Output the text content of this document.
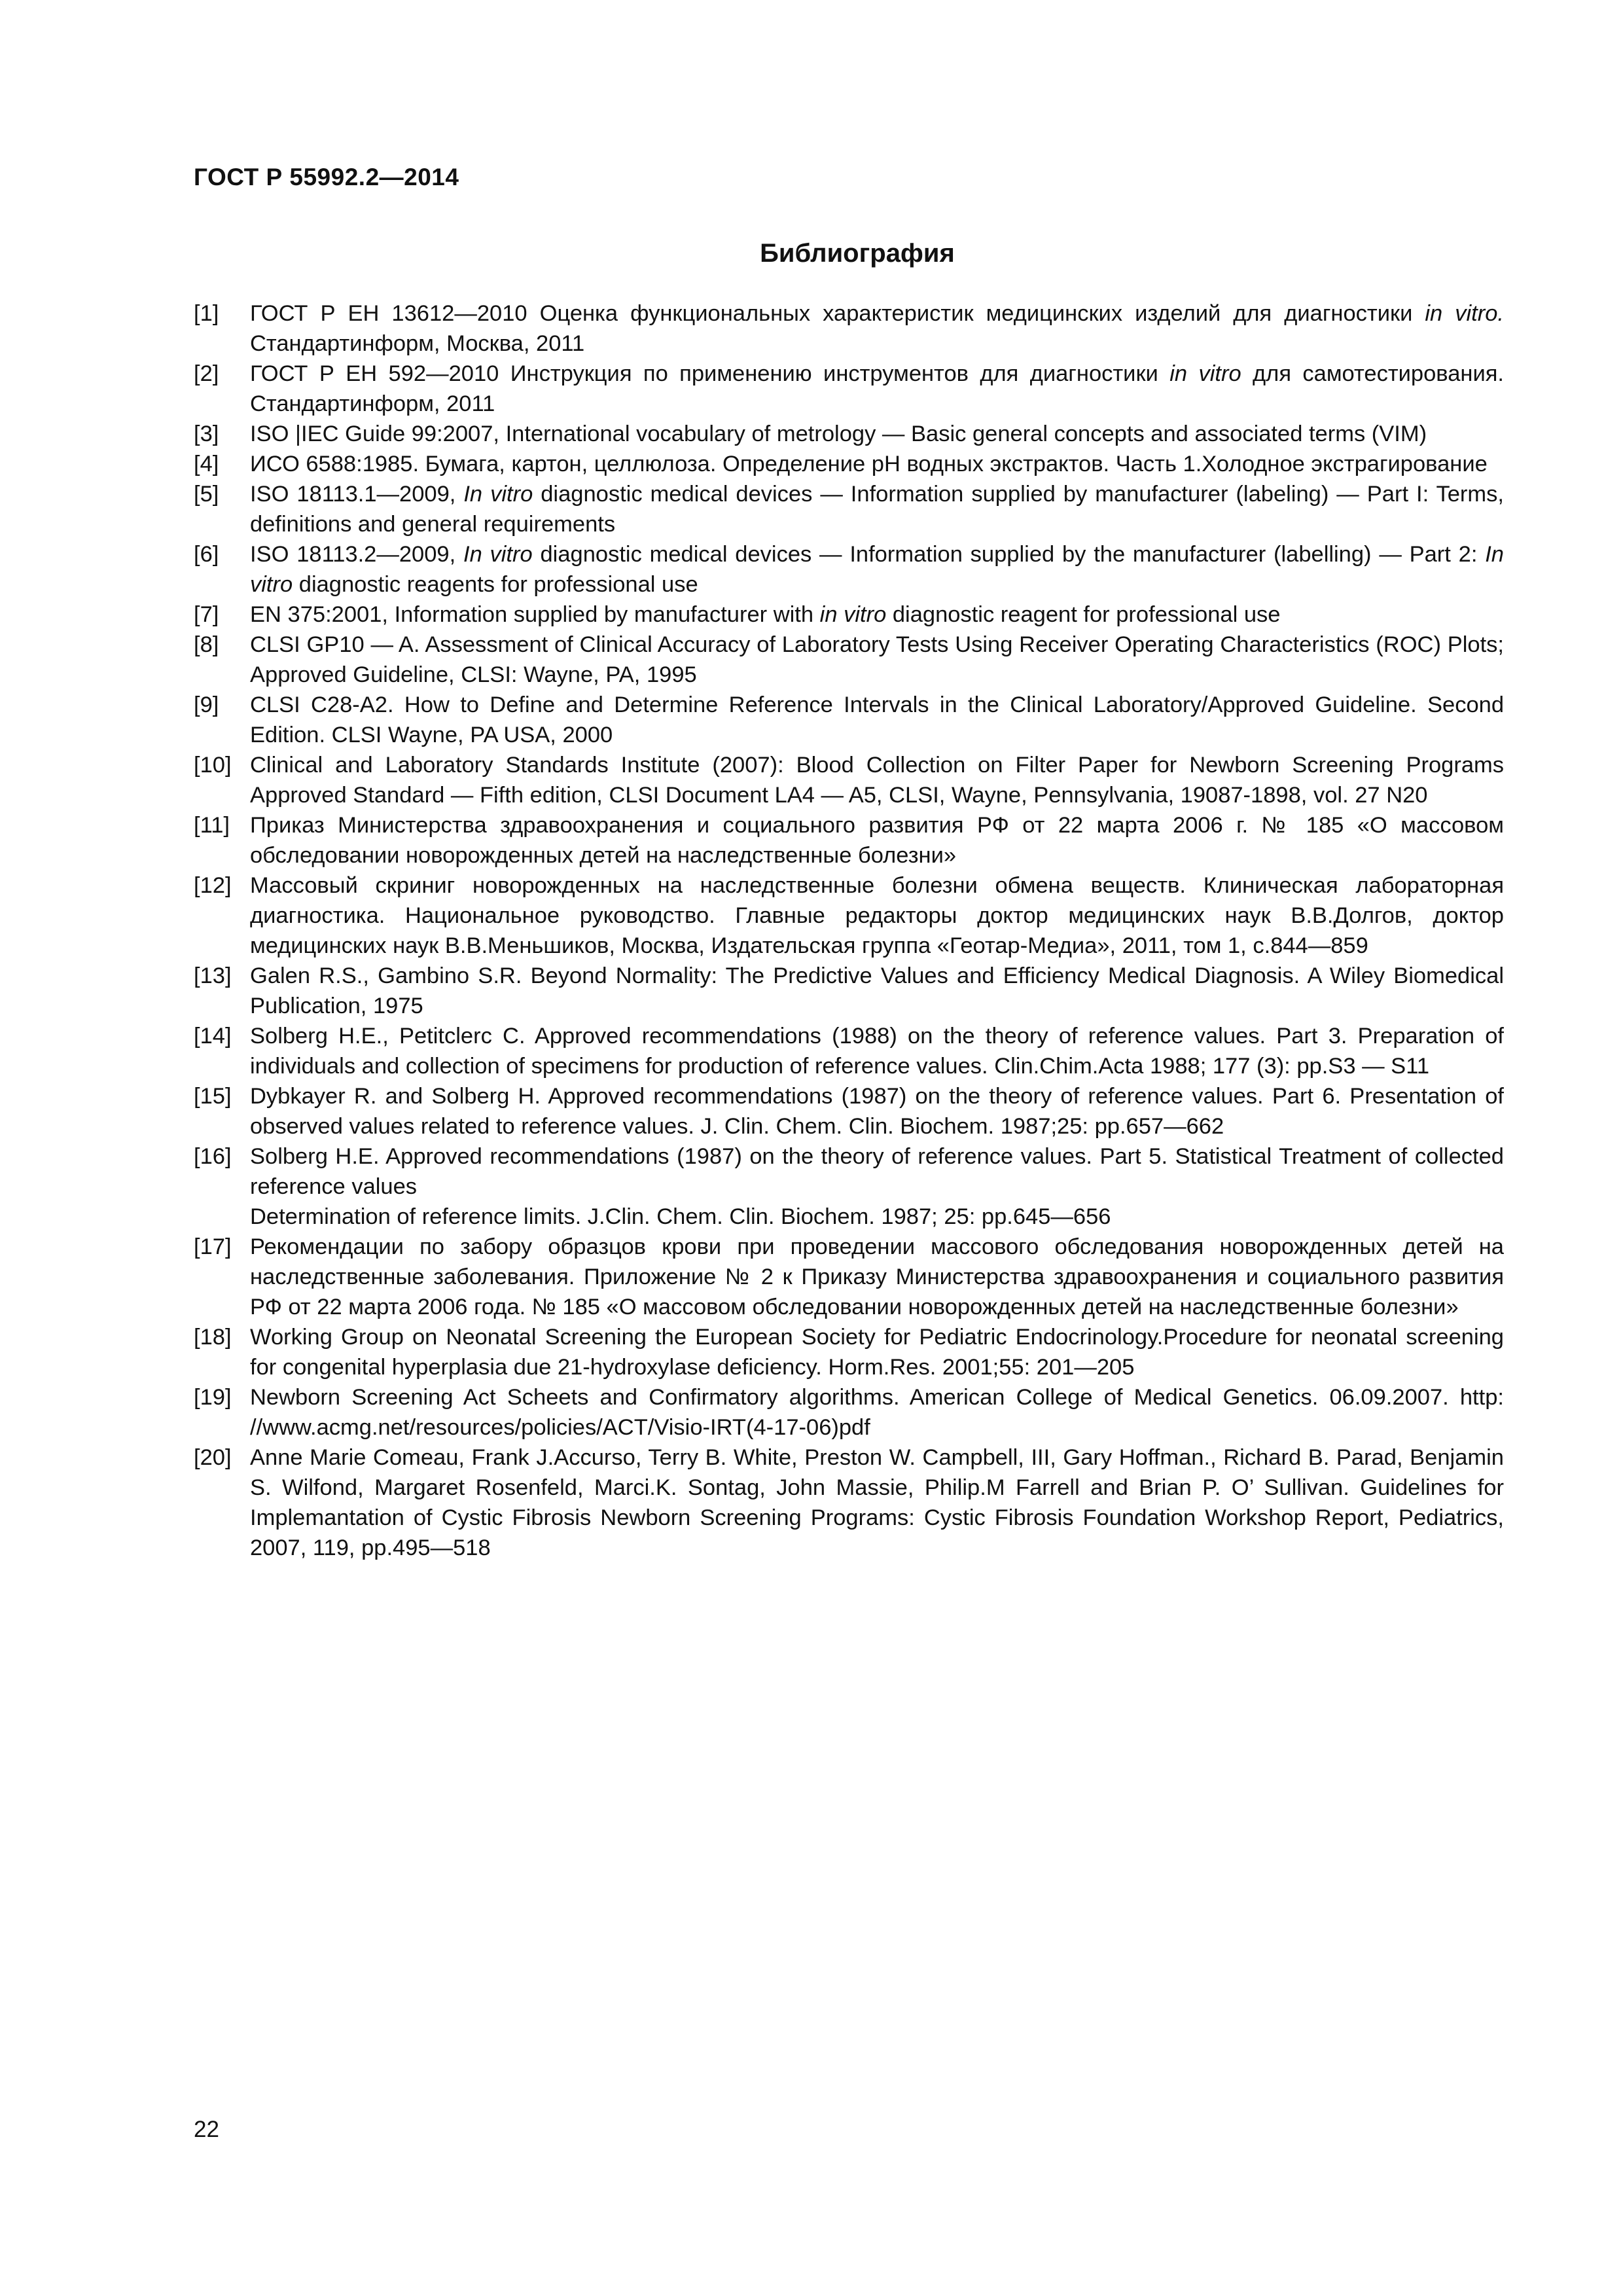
ГОСТ Р 55992.2—2014
Библиография
[1]	ГОСТ Р ЕН 13612—2010 Оценка функциональных характеристик медицинских изделий для диагностики in vitro. Стандартинформ, Москва, 2011
[2]	ГОСТ Р ЕН 592—2010 Инструкция по применению инструментов для диагностики in vitro для самотестирования. Стандартинформ, 2011
[3]	ISO |IEC Guide 99:2007, International vocabulary of metrology — Basic general concepts and associated terms (VIM)
[4]	ИСО 6588:1985. Бумага, картон, целлюлоза. Определение рН водных экстрактов. Часть 1.Холодное экстрагирование
[5]	ISO 18113.1—2009, In vitro diagnostic medical devices — Information supplied by manufacturer (labeling) — Part I: Terms, definitions and general requirements
[6]	ISO 18113.2—2009, In vitro diagnostic medical devices — Information supplied by the manufacturer (labelling) — Part 2: In vitro diagnostic reagents for professional use
[7]	EN 375:2001, Information supplied by manufacturer with in vitro diagnostic reagent for professional use
[8]	CLSI GP10 — A. Assessment of Clinical Accuracy of Laboratory Tests Using Receiver Operating Characteristics (ROC) Plots; Approved Guideline, CLSI: Wayne, PA, 1995
[9]	CLSI C28-A2. How to Define and Determine Reference Intervals in the Clinical Laboratory/Approved Guideline. Second Edition. CLSI Wayne, PA USA, 2000
[10] Clinical and Laboratory Standards Institute (2007): Blood Collection on Filter Paper for Newborn Screening Programs Approved Standard — Fifth edition, CLSI Document LA4 — A5, CLSI, Wayne, Pennsylvania, 19087-1898, vol. 27 N20
[11] Приказ Министерства здравоохранения и социального развития РФ от 22 марта 2006 г. № 185 «О массовом обследовании новорожденных детей на наследственные болезни»
[12] Массовый скриниг новорожденных на наследственные болезни обмена веществ. Клиническая лабораторная диагностика. Национальное руководство. Главные редакторы доктор медицинских наук В.В.Долгов, доктор медицинских наук В.В.Меньшиков, Москва, Издательская группа «Геотар-Медиа», 2011, том 1, с.844—859
[13] Galen R.S., Gambino S.R. Beyond Normality: The Predictive Values and Efficiency Medical Diagnosis. A Wiley Biomedical Publication, 1975
[14] Solberg H.E., Petitclerc C. Approved recommendations (1988) on the theory of reference values. Part 3. Preparation of individuals and collection of specimens for production of reference values. Clin.Chim.Acta 1988; 177 (3): pp.S3 — S11
[15] Dybkayer R. and Solberg H. Approved recommendations (1987) on the theory of reference values. Part 6. Presentation of observed values related to reference values. J. Clin. Chem. Clin. Biochem. 1987;25: pp.657—662
[16] Solberg H.E. Approved recommendations (1987) on the theory of reference values. Part 5. Statistical Treatment of collected reference values
Determination of reference limits. J.Clin. Chem. Clin. Biochem. 1987; 25: pp.645—656
[17] Рекомендации по забору образцов крови при проведении массового обследования новорожденных детей на наследственные заболевания. Приложение № 2 к Приказу Министерства здравоохранения и социального развития РФ от 22 марта 2006 года. № 185 «О массовом обследовании новорожденных детей на наследственные болезни»
[18] Working Group on Neonatal Screening the European Society for Pediatric Endocrinology.Procedure for neonatal screening for congenital hyperplasia due 21-hydroxylase deficiency. Horm.Res. 2001;55: 201—205
[19] Newborn Screening Act Scheets and Confirmatory algorithms. American College of Medical Genetics. 06.09.2007. http: //www.acmg.net/resources/policies/ACT/Visio-IRT(4-17-06)pdf
[20] Anne Marie Comeau, Frank J.Accurso, Terry B. White, Preston W. Campbell, III, Gary Hoffman., Richard B. Parad, Benjamin S. Wilfond, Margaret Rosenfeld, Marci.K. Sontag, John Massie, Philip.M Farrell and Brian P. O’ Sullivan. Guidelines for Implemantation of Cystic Fibrosis Newborn Screening Programs: Cystic Fibrosis Foundation Workshop Report, Pediatrics, 2007, 119, pp.495—518
22
